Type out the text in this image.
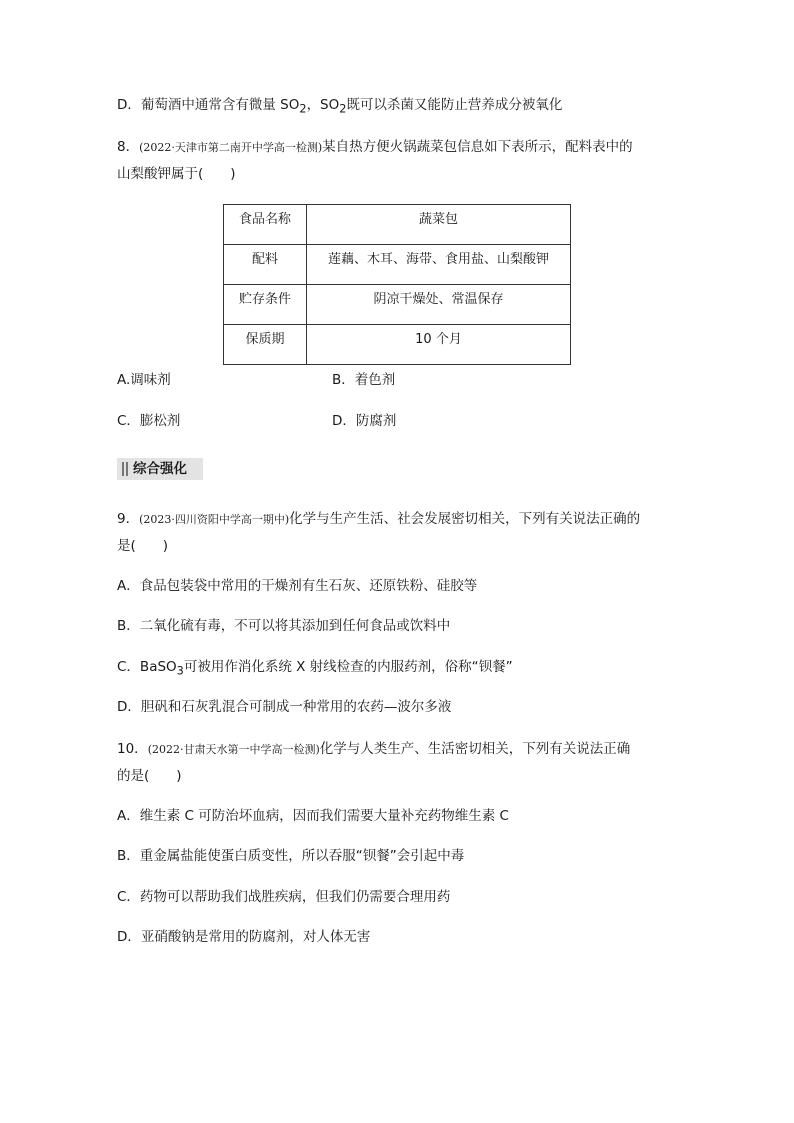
D．葡萄酒中通常含有微量 $SO_2$，$SO_2$既可以杀菌又能防止营养成分被氧化
8．(2022·天津市第二南开中学高一检测)某自热方便火锅蔬菜包信息如下表所示，配料表中的
山梨酸钾属于(　　)
食品名称	蔬菜包
配料	莲藕、木耳、海带、食用盐、山梨酸钾
贮存条件	阴凉干燥处、常温保存
保质期	10 个月
A.调味剂	B．着色剂
C．膨松剂	D．防腐剂
综合强化
9．(2023·四川资阳中学高一期中)化学与生产生活、社会发展密切相关，下列有关说法正确的
是(　　)
A．食品包装袋中常用的干燥剂有生石灰、还原铁粉、硅胶等
B．二氧化硫有毒，不可以将其添加到任何食品或饮料中
C．BaSO$_3$可被用作消化系统 X 射线检查的内服药剂，俗称“钡餐”
D．胆矾和石灰乳混合可制成一种常用的农药—波尔多液
10．(2022·甘肃天水第一中学高一检测)化学与人类生产、生活密切相关，下列有关说法正确
的是(　　)
A．维生素 C 可防治坏血病，因而我们需要大量补充药物维生素 C
B．重金属盐能使蛋白质变性，所以吞服“钡餐”会引起中毒
C．药物可以帮助我们战胜疾病，但我们仍需要合理用药
D．亚硝酸钠是常用的防腐剂，对人体无害
